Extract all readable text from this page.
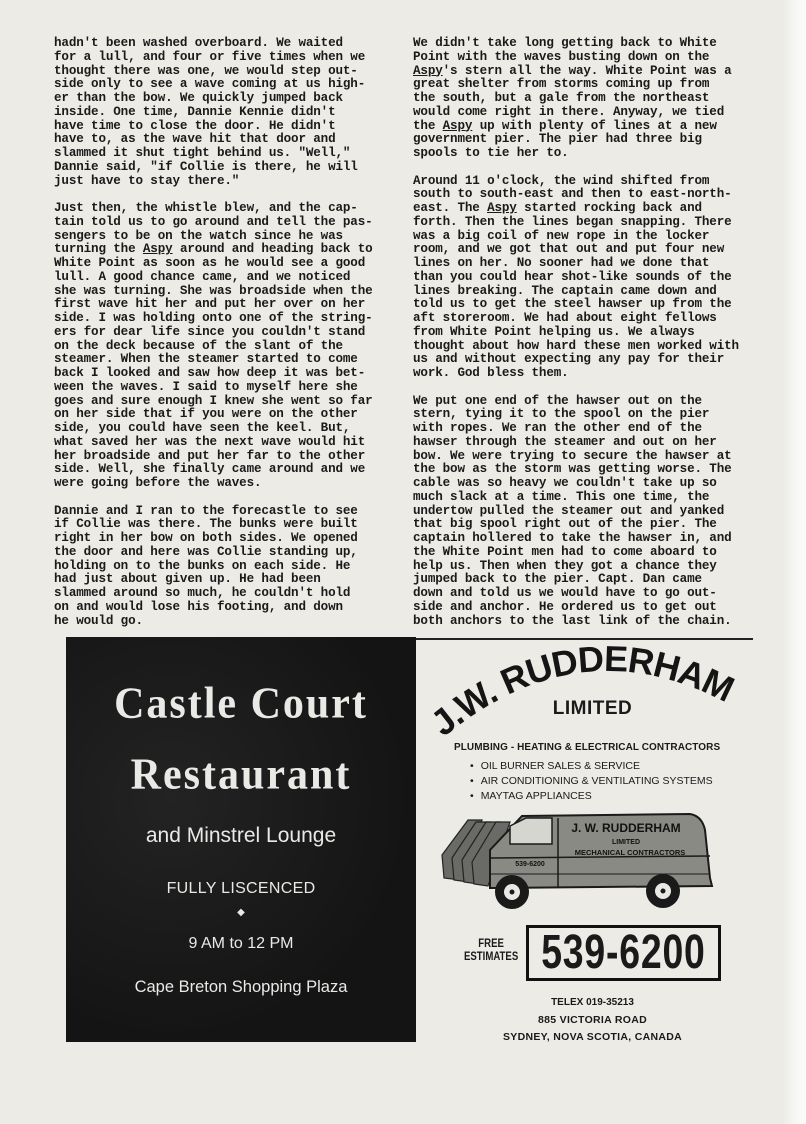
hadn't been washed overboard. We waited
for a lull, and four or five times when we
thought there was one, we would step out-
side only to see a wave coming at us high-
er than the bow. We quickly jumped back
inside. One time, Dannie Kennie didn't
have time to close the door. He didn't
have to, as the wave hit that door and
slammed it shut tight behind us. "Well,"
Dannie said, "if Collie is there, he will
just have to stay there."

Just then, the whistle blew, and the cap-
tain told us to go around and tell the pas-
sengers to be on the watch since he was
turning the Aspy around and heading back to
White Point as soon as he would see a good
lull. A good chance came, and we noticed
she was turning. She was broadside when the
first wave hit her and put her over on her
side. I was holding onto one of the string-
ers for dear life since you couldn't stand
on the deck because of the slant of the
steamer. When the steamer started to come
back I looked and saw how deep it was bet-
ween the waves. I said to myself here she
goes and sure enough I knew she went so far
on her side that if you were on the other
side, you could have seen the keel. But,
what saved her was the next wave would hit
her broadside and put her far to the other
side. Well, she finally came around and we
were going before the waves.

Dannie and I ran to the forecastle to see
if Collie was there. The bunks were built
right in her bow on both sides. We opened
the door and here was Collie standing up,
holding on to the bunks on each side. He
had just about given up. He had been
slammed around so much, he couldn't hold
on and would lose his footing, and down
he would go.

We didn't take long getting back to White
Point with the waves busting down on the
Aspy's stern all the way. White Point was a
great shelter from storms coming up from
the south, but a gale from the northeast
would come right in there. Anyway, we tied
the Aspy up with plenty of lines at a new
government pier. The pier had three big
spools to tie her to.

Around 11 o'clock, the wind shifted from
south to south-east and then to east-north-
east. The Aspy started rocking back and
forth. Then the lines began snapping. There
was a big coil of new rope in the locker
room, and we got that out and put four new
lines on her. No sooner had we done that
than you could hear shot-like sounds of the
lines breaking. The captain came down and
told us to get the steel hawser up from the
aft storeroom. We had about eight fellows
from White Point helping us. We always
thought about how hard these men worked with
us and without expecting any pay for their
work. God bless them.

We put one end of the hawser out on the
stern, tying it to the spool on the pier
with ropes. We ran the other end of the
hawser through the steamer and out on her
bow. We were trying to secure the hawser at
the bow as the storm was getting worse. The
cable was so heavy we couldn't take up so
much slack at a time. This one time, the
undertow pulled the steamer out and yanked
that big spool right out of the pier. The
captain hollered to take the hawser in, and
the White Point men had to come aboard to
help us. Then when they got a chance they
jumped back to the pier. Capt. Dan came
down and told us we would have to go out-
side and anchor. He ordered us to get out
both anchors to the last link of the chain.

Castle Court
Restaurant
and Minstrel Lounge
FULLY LISCENCED
◆
9 AM to 12 PM
Cape Breton Shopping Plaza
J.W. RUDDERHAM
LIMITED
PLUMBING - HEATING & ELECTRICAL CONTRACTORS
• OIL BURNER SALES & SERVICE
• AIR CONDITIONING & VENTILATING SYSTEMS
• MAYTAG APPLIANCES
J. W. RUDDERHAM
LIMITED
MECHANICAL CONTRACTORS
539-6200
FREE
ESTIMATES 539-6200
TELEX 019-35213
885 VICTORIA ROAD
SYDNEY, NOVA SCOTIA, CANADA
